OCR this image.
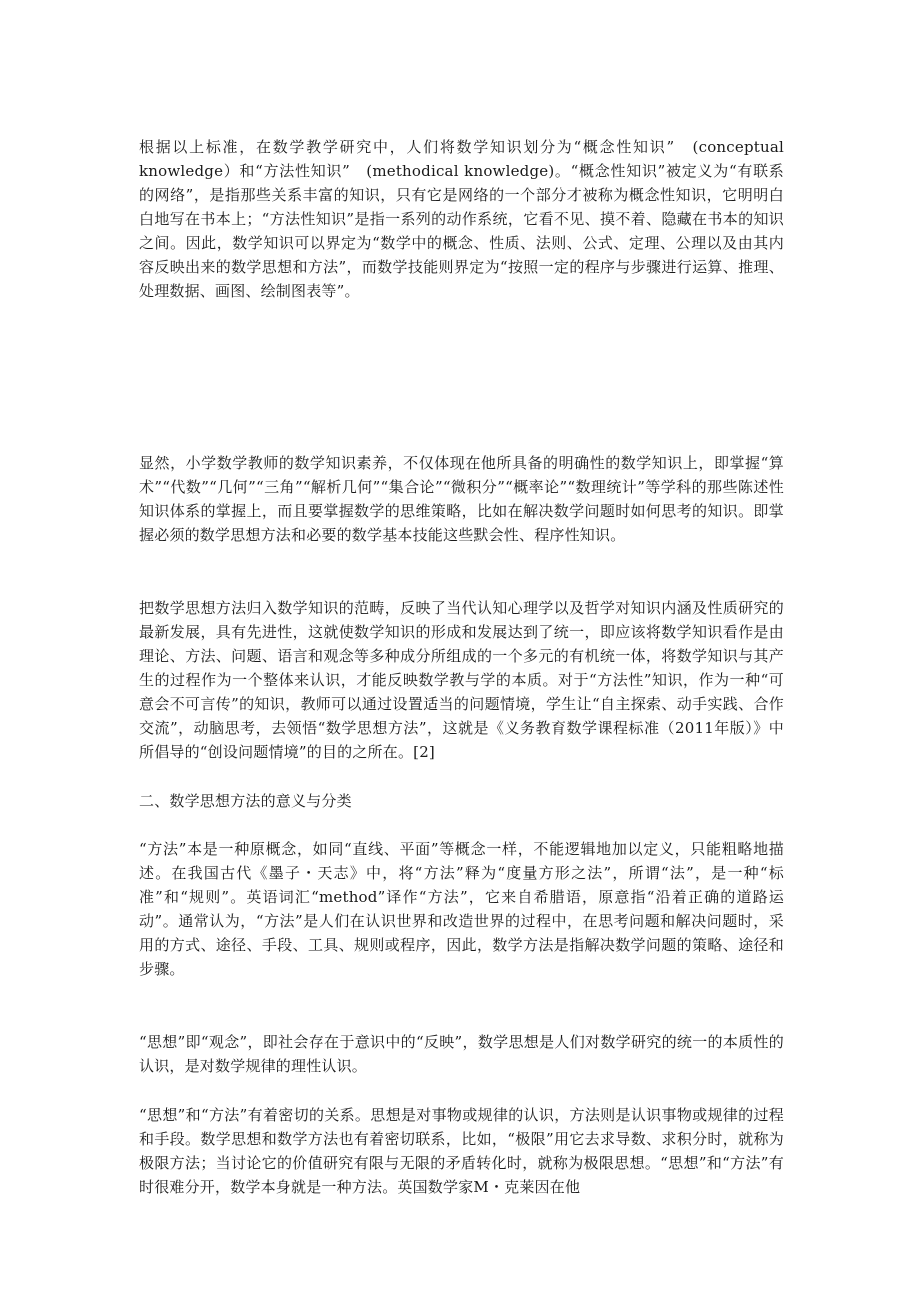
根据以上标准，在数学教学研究中，人们将数学知识划分为“概念性知识”　(conceptual knowledge）和“方法性知识”　(methodical knowledge)。“概念性知识”被定义为“有联系的网络”，是指那些关系丰富的知识，只有它是网络的一个部分才被称为概念性知识，它明明白白地写在书本上；“方法性知识”是指一系列的动作系统，它看不见、摸不着、隐藏在书本的知识之间。因此，数学知识可以界定为“数学中的概念、性质、法则、公式、定理、公理以及由其内容反映出来的数学思想和方法”，而数学技能则界定为“按照一定的程序与步骤进行运算、推理、处理数据、画图、绘制图表等”。

显然，小学数学教师的数学知识素养，不仅体现在他所具备的明确性的数学知识上，即掌握“算术”“代数”“几何”“三角”“解析几何”“集合论”“微积分”“概率论”“数理统计”等学科的那些陈述性知识体系的掌握上，而且要掌握数学的思维策略，比如在解决数学问题时如何思考的知识。即掌握必须的数学思想方法和必要的数学基本技能这些默会性、程序性知识。

把数学思想方法归入数学知识的范畴，反映了当代认知心理学以及哲学对知识内涵及性质研究的最新发展，具有先进性，这就使数学知识的形成和发展达到了统一，即应该将数学知识看作是由理论、方法、问题、语言和观念等多种成分所组成的一个多元的有机统一体，将数学知识与其产生的过程作为一个整体来认识，才能反映数学教与学的本质。对于“方法性”知识，作为一种“可意会不可言传”的知识，教师可以通过设置适当的问题情境，学生让“自主探索、动手实践、合作交流”，动脑思考，去领悟“数学思想方法”，这就是《义务教育数学课程标准（2011年版）》中所倡导的“创设问题情境”的目的之所在。[2]

二、数学思想方法的意义与分类

“方法”本是一种原概念，如同“直线、平面”等概念一样，不能逻辑地加以定义，只能粗略地描述。在我国古代《墨子・天志》中，将“方法”释为“度量方形之法”，所谓“法”，是一种“标准”和“规则”。英语词汇“method”译作“方法”，它来自希腊语，原意指“沿着正确的道路运动”。通常认为，“方法”是人们在认识世界和改造世界的过程中，在思考问题和解决问题时，采用的方式、途径、手段、工具、规则或程序，因此，数学方法是指解决数学问题的策略、途径和步骤。

“思想”即“观念”，即社会存在于意识中的“反映”，数学思想是人们对数学研究的统一的本质性的认识，是对数学规律的理性认识。

“思想”和“方法”有着密切的关系。思想是对事物或规律的认识，方法则是认识事物或规律的过程和手段。数学思想和数学方法也有着密切联系，比如，“极限”用它去求导数、求积分时，就称为极限方法；当讨论它的价值研究有限与无限的矛盾转化时，就称为极限思想。“思想”和“方法”有时很难分开，数学本身就是一种方法。英国数学家M・克莱因在他
